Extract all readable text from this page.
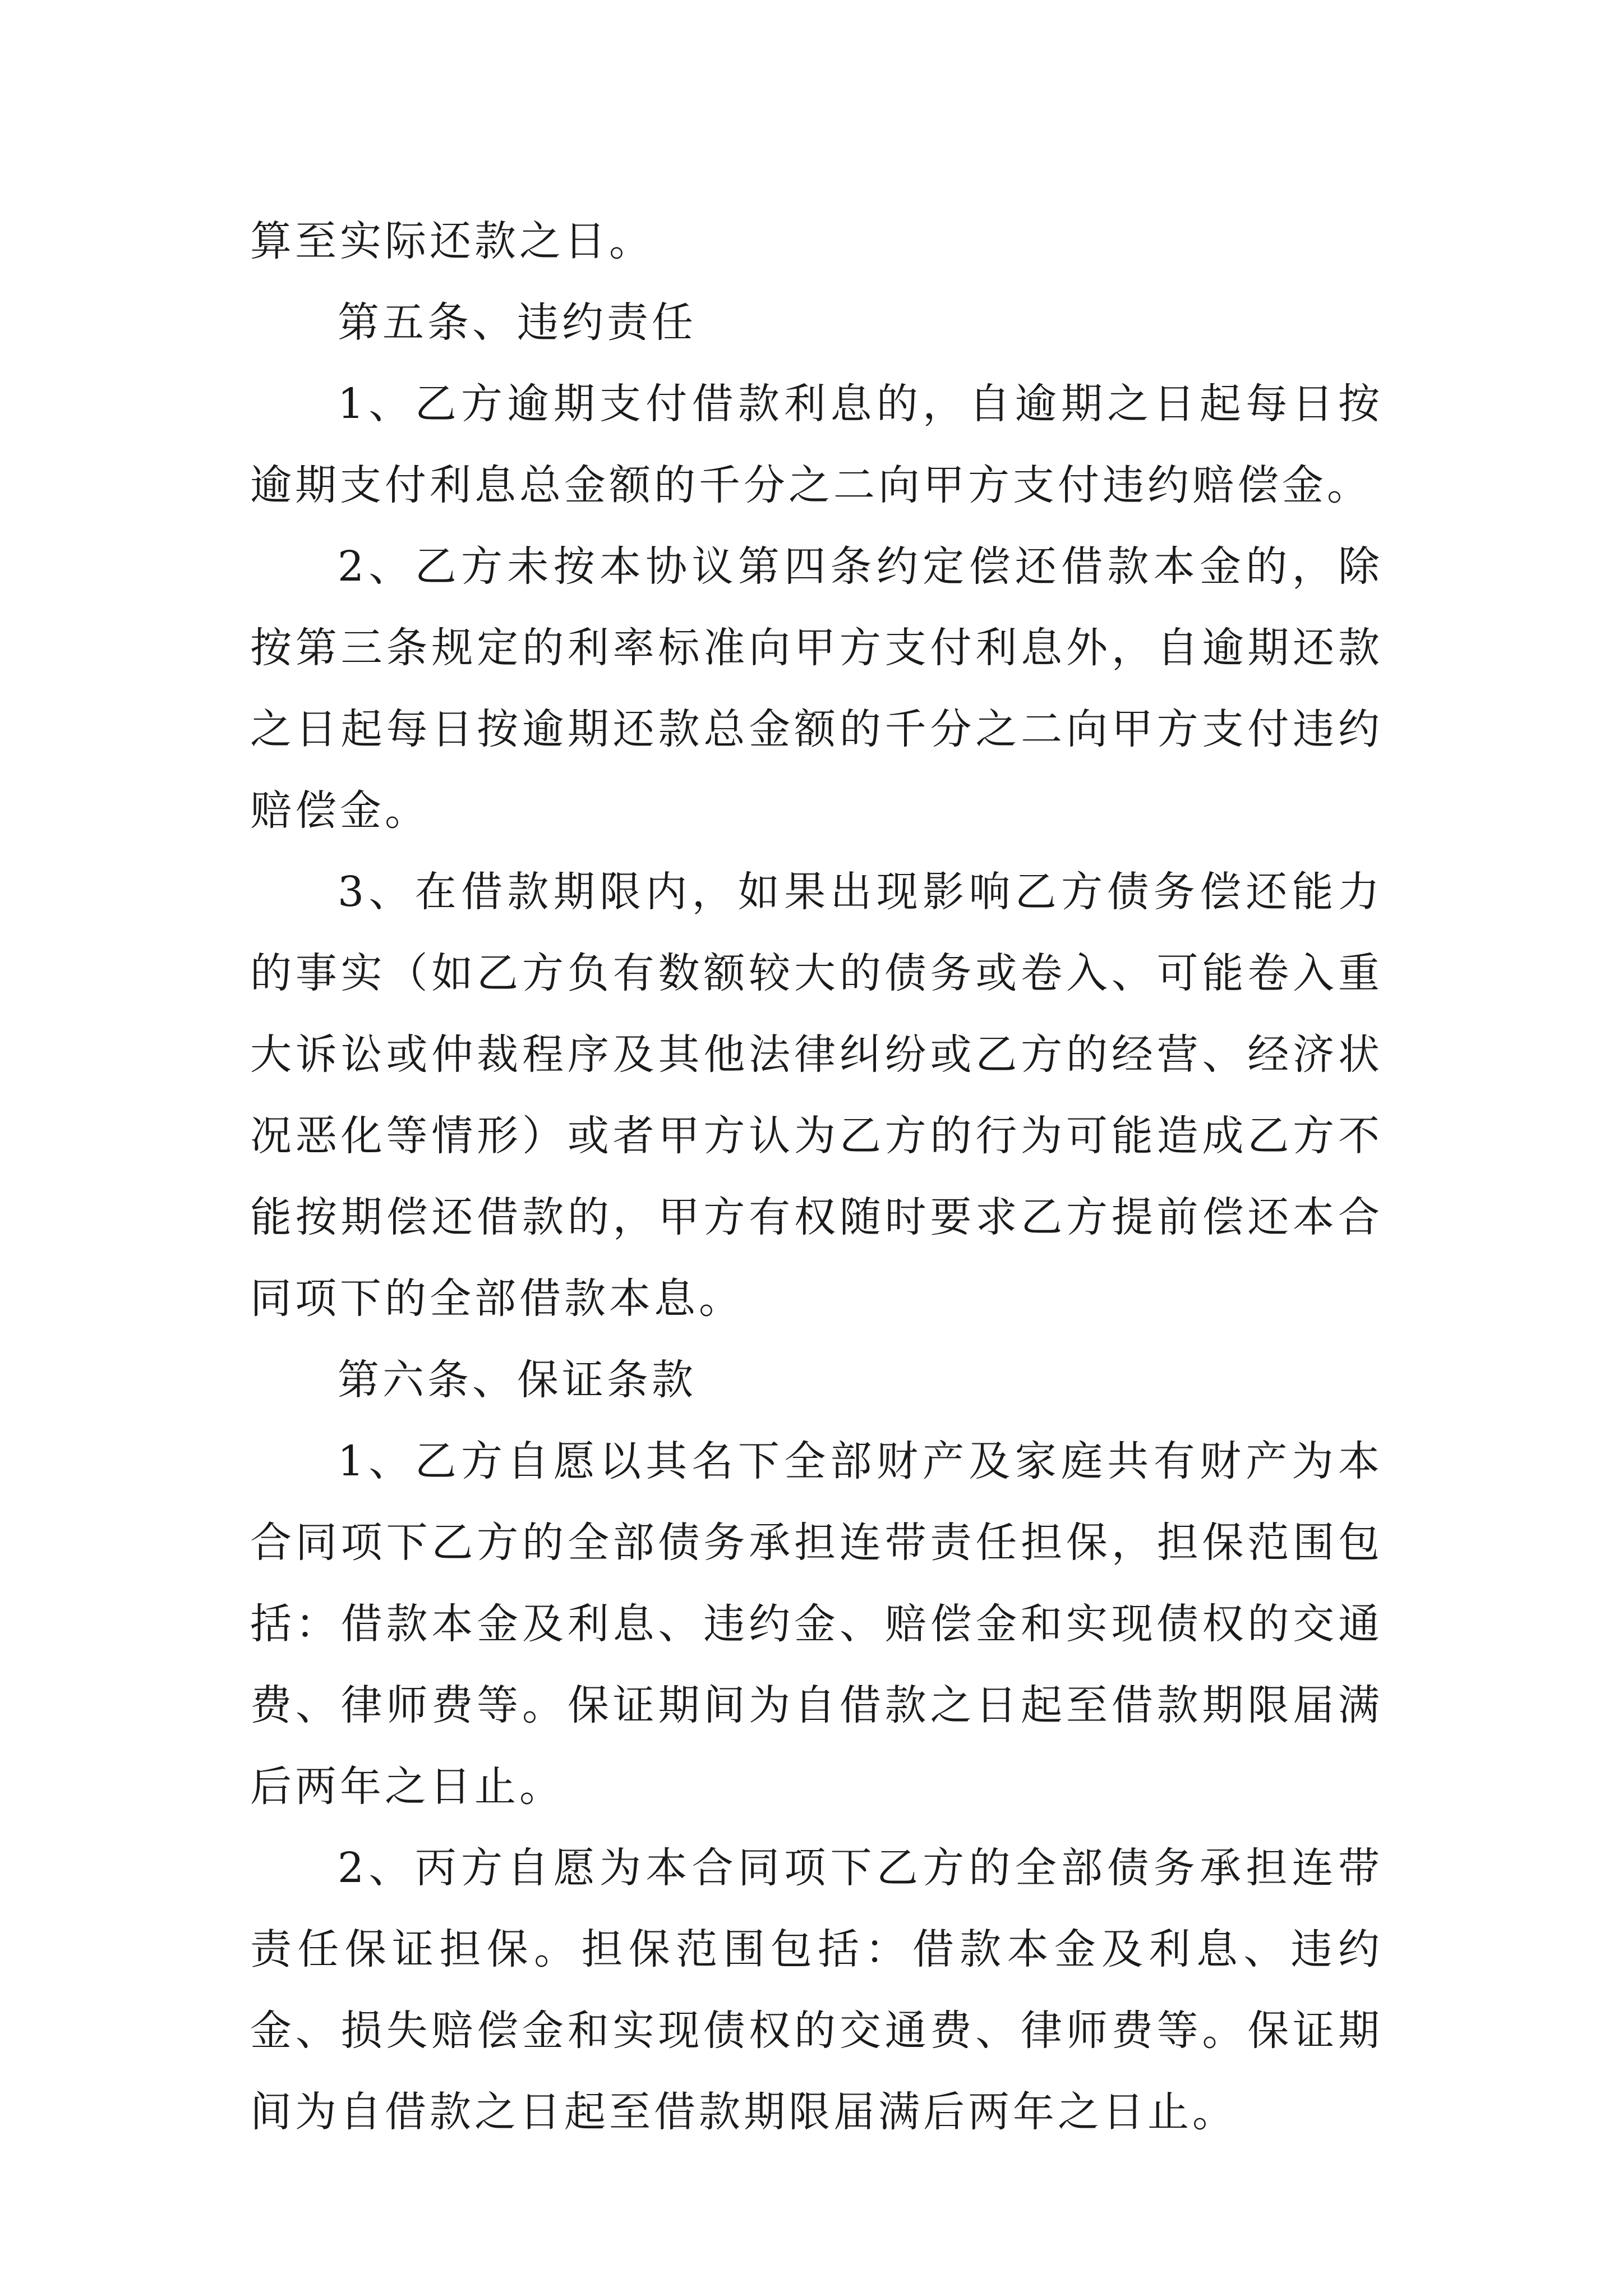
算至实际还款之日。

第五条、违约责任

1、乙方逾期支付借款利息的，自逾期之日起每日按逾期支付利息总金额的千分之二向甲方支付违约赔偿金。

2、乙方未按本协议第四条约定偿还借款本金的，除按第三条规定的利率标准向甲方支付利息外，自逾期还款之日起每日按逾期还款总金额的千分之二向甲方支付违约赔偿金。

3、在借款期限内，如果出现影响乙方债务偿还能力的事实（如乙方负有数额较大的债务或卷入、可能卷入重大诉讼或仲裁程序及其他法律纠纷或乙方的经营、经济状况恶化等情形）或者甲方认为乙方的行为可能造成乙方不能按期偿还借款的，甲方有权随时要求乙方提前偿还本合同项下的全部借款本息。

第六条、保证条款

1、乙方自愿以其名下全部财产及家庭共有财产为本合同项下乙方的全部债务承担连带责任担保，担保范围包括：借款本金及利息、违约金、赔偿金和实现债权的交通费、律师费等。保证期间为自借款之日起至借款期限届满后两年之日止。

2、丙方自愿为本合同项下乙方的全部债务承担连带责任保证担保。担保范围包括：借款本金及利息、违约金、损失赔偿金和实现债权的交通费、律师费等。保证期间为自借款之日起至借款期限届满后两年之日止。
